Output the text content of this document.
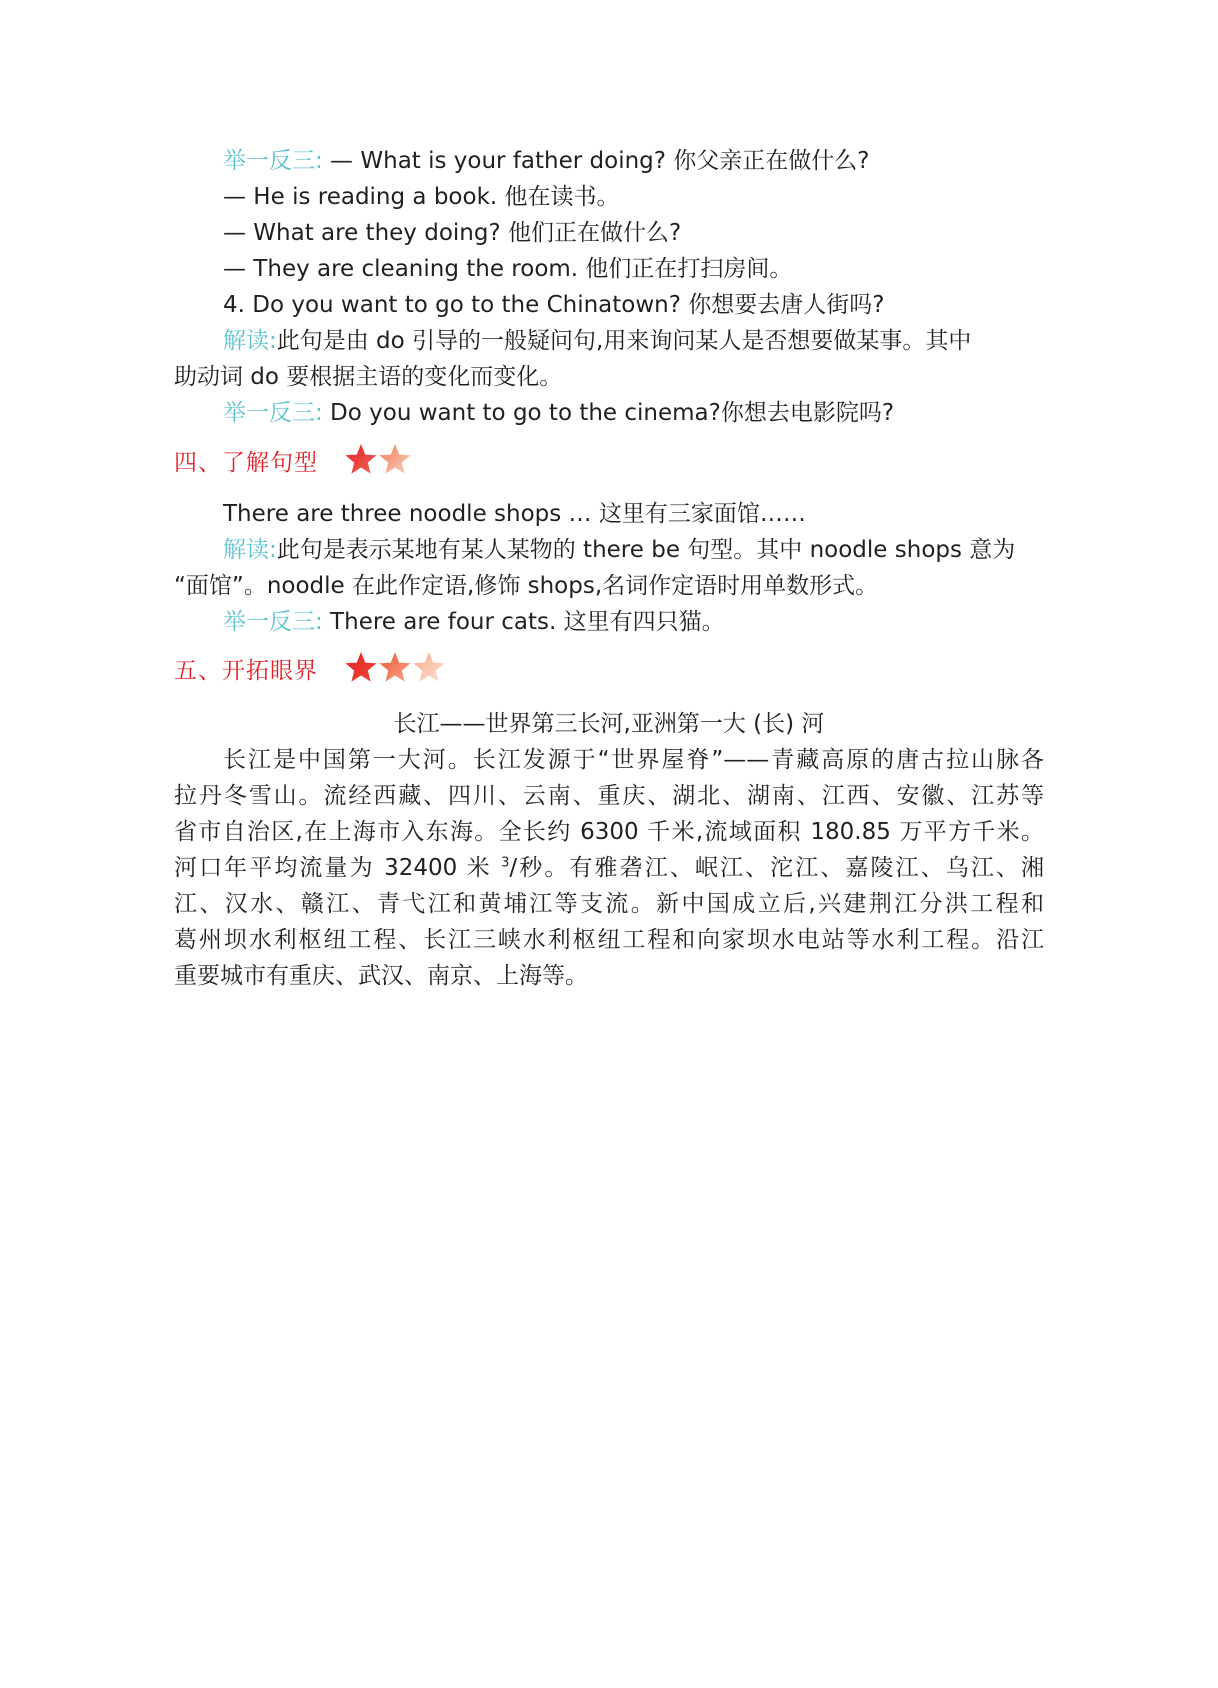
举一反三: — What is your father doing? 你父亲正在做什么?
— He is reading a book. 他在读书。
— What are they doing? 他们正在做什么?
— They are cleaning the room. 他们正在打扫房间。
4. Do you want to go to the Chinatown? 你想要去唐人街吗?
解读:此句是由 do 引导的一般疑问句,用来询问某人是否想要做某事。其中
助动词 do 要根据主语的变化而变化。
举一反三: Do you want to go to the cinema?你想去电影院吗?
四、了解句型
There are three noodle shops … 这里有三家面馆……
解读:此句是表示某地有某人某物的 there be 句型。其中 noodle shops 意为
“面馆”。noodle 在此作定语,修饰 shops,名词作定语时用单数形式。
举一反三: There are four cats. 这里有四只猫。
五、开拓眼界
长江——世界第三长河,亚洲第一大 (长) 河
长江是中国第一大河。长江发源于“世界屋脊”——青藏高原的唐古拉山脉各
拉丹冬雪山。流经西藏、四川、云南、重庆、湖北、湖南、江西、安徽、江苏等
省市自治区,在上海市入东海。全长约 6300 千米,流域面积 180.85 万平方千米。
河口年平均流量为 32400 米 $^3$/秒。有雅砻江、岷江、沱江、嘉陵江、乌江、湘
江、汉水、赣江、青弋江和黄埔江等支流。新中国成立后,兴建荆江分洪工程和
葛州坝水利枢纽工程、长江三峡水利枢纽工程和向家坝水电站等水利工程。沿江
重要城市有重庆、武汉、南京、上海等。
